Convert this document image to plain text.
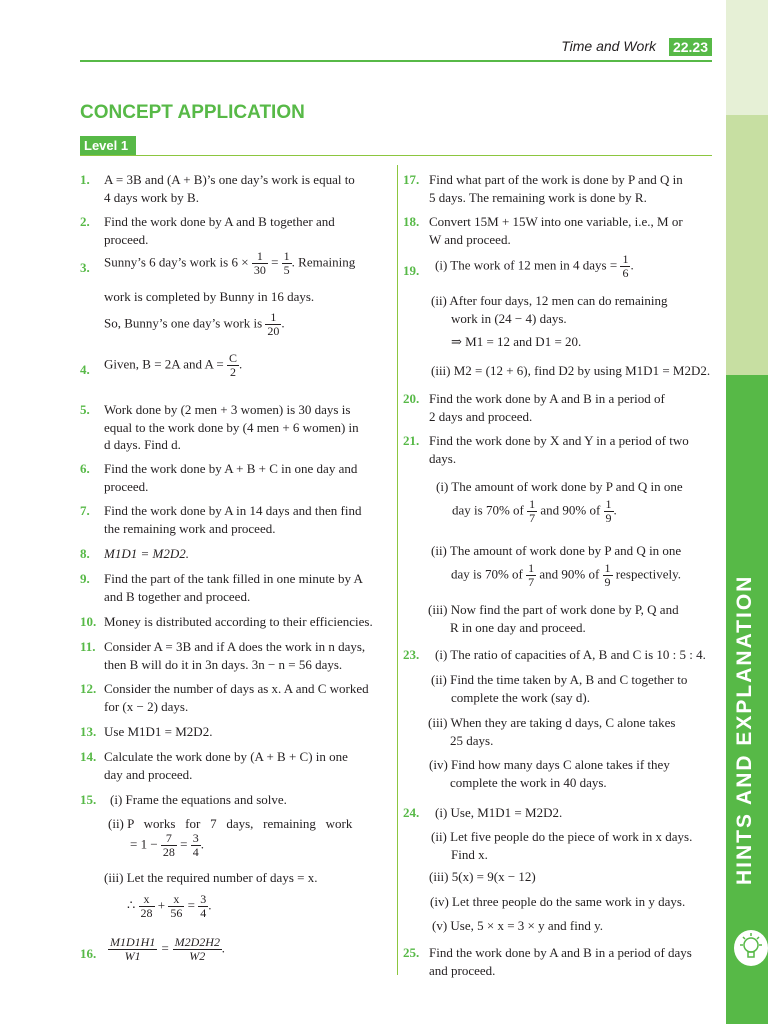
HINTS AND EXPLANATION
Time and Work 22.23
CONCEPT APPLICATION
Level 1
1. A = 3B and (A + B)’s one day’s work is equal to
4 days work by B.
2. Find the work done by A and B together and
proceed.
3. Sunny’s 6 day’s work is $6 \times \frac{1}{30} = \frac{1}{5}$ . Remaining
work is completed by Bunny in 16 days.
So, Bunny’s one day’s work is $\frac{1}{20}$ .
4. Given, B = 2A and $A = \frac{C}{2}$ .
5. Work done by (2 men + 3 women) is 30 days is
equal to the work done by (4 men + 6 women) in
d days. Find d.
6. Find the work done by A + B + C in one day and
proceed.
7. Find the work done by A in 14 days and then find
the remaining work and proceed.
8. M1D1 = M2D2.
9. Find the part of the tank filled in one minute by A
and B together and proceed.
10. Money is distributed according to their efficiencies.
11. Consider A = 3B and if A does the work in n days,
then B will do it in 3n days. 3n − n = 56 days.
12. Consider the number of days as x. A and C worked
for (x − 2) days.
13. Use M1D1 = M2D2.
14. Calculate the work done by (A + B + C) in one
day and proceed.
15. (i) Frame the equations and solve.
(ii) P   works   for   7   days,   remaining   work
= $1 - \frac{7}{28} = \frac{3}{4}$ .
(iii) Let the required number of days = x.
∴ $\frac{x}{28} + \frac{x}{56} = \frac{3}{4}$ .
16. $\frac{M1D1H1}{W1} = \frac{M2D2H2}{W2}$ .
17. Find what part of the work is done by P and Q in
5 days. The remaining work is done by R.
18. Convert 15M + 15W into one variable, i.e., M or
W and proceed.
19. (i) The work of 12 men in 4 days = $\frac{1}{6}$ .
(ii) After four days, 12 men can do remaining
work in (24 − 4) days.
⇒ M1 = 12 and D1 = 20.
(iii) M2 = (12 + 6), find D2 by using M1D1 = M2D2.
20. Find the work done by A and B in a period of
2 days and proceed.
21. Find the work done by X and Y in a period of two
days.
(i) The amount of work done by P and Q in one
day is 70% of $\frac{1}{7}$ and 90% of $\frac{1}{9}$ .
(ii) The amount of work done by P and Q in one
day is 70% of $\frac{1}{7}$ and 90% of $\frac{1}{9}$ respectively.
(iii) Now find the part of work done by P, Q and
R in one day and proceed.
23. (i) The ratio of capacities of A, B and C is 10 : 5 : 4.
(ii) Find the time taken by A, B and C together to
complete the work (say d).
(iii) When they are taking d days, C alone takes
25 days.
(iv) Find how many days C alone takes if they
complete the work in 40 days.
24. (i) Use, M1D1 = M2D2.
(ii) Let five people do the piece of work in x days.
Find x.
(iii) 5(x) = 9(x − 12)
(iv) Let three people do the same work in y days.
(v) Use, 5 × x = 3 × y and find y.
25. Find the work done by A and B in a period of days
and proceed.
